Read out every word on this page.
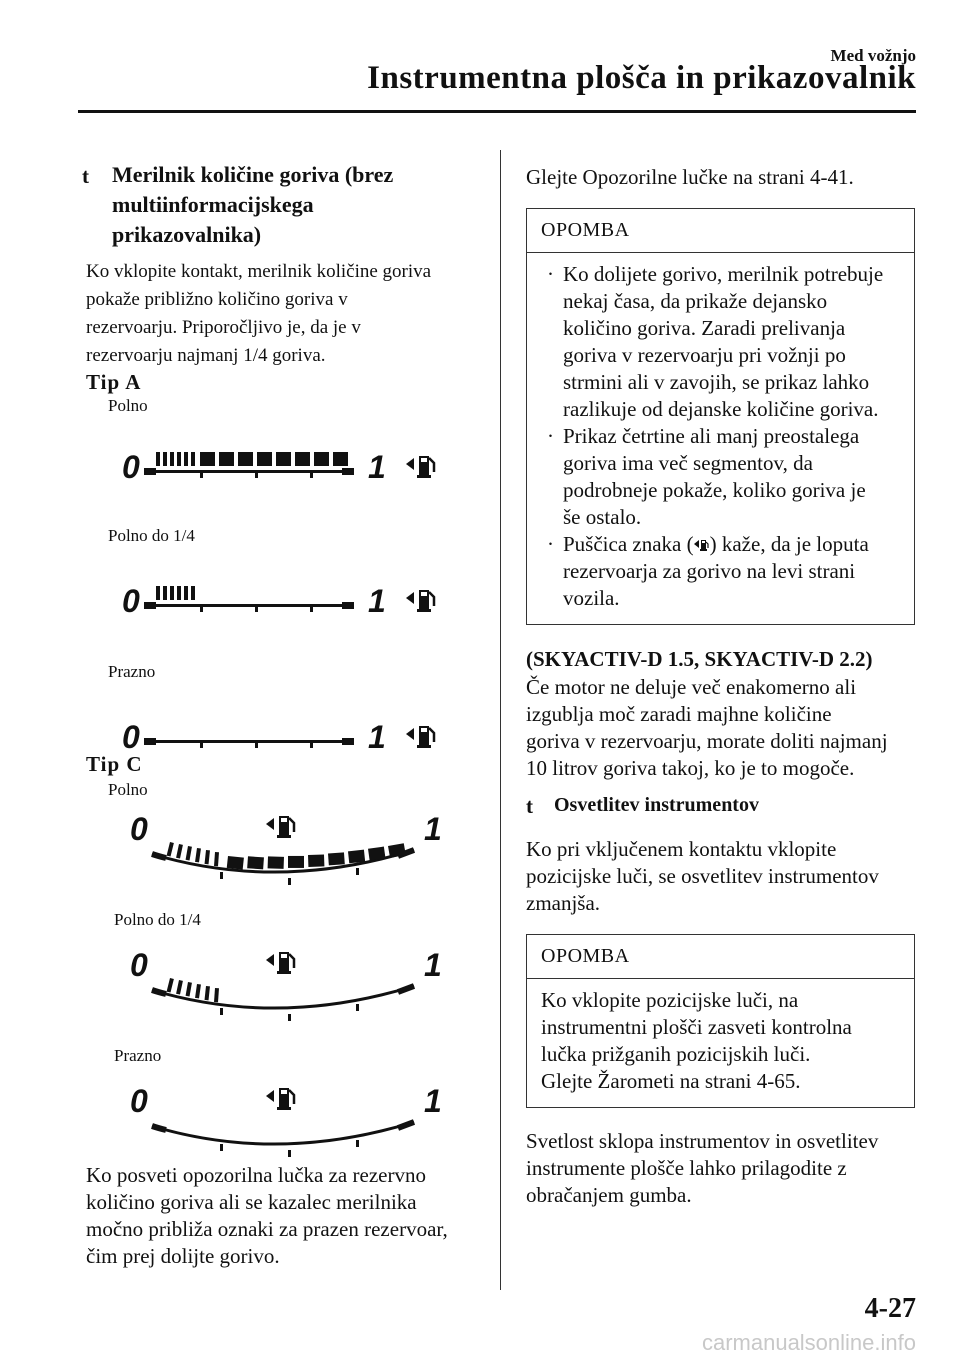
Med vožnjo
Instrumentna plošča in prikazovalnik
t Merilnik količine goriva (brez
multiinformacijskega
prikazovalnika)

Ko vklopite kontakt, merilnik količine goriva

pokaže približno količino goriva v

rezervoarju. Priporočljivo je, da je v

rezervoarju najmanj 1/4 goriva.

Tip A
Polno
0	1
Polno do 1/4
0	1
Prazno
0	1
Tip C
Polno
0	1
Polno do 1/4
0	1
Prazno
0	1

Ko posveti opozorilna lučka za rezervno

količino goriva ali se kazalec merilnika

močno približa oznaki za prazen rezervoar,

čim prej dolijte gorivo.

Glejte Opozorilne lučke na strani 4-41.
OPOMBA
· Ko dolijete gorivo, merilnik potrebuje
nekaj časa, da prikaže dejansko
količino goriva. Zaradi prelivanja
goriva v rezervoarju pri vožnji po
strmini ali v zavojih, se prikaz lahko
razlikuje od dejanske količine goriva.
· Prikaz četrtine ali manj preostalega
goriva ima več segmentov, da
podrobneje pokaže, koliko goriva je
še ostalo.
· Puščica znaka ( ) kaže, da je loputa
rezervoarja za gorivo na levi strani
vozila.
(SKYACTIV-D 1.5, SKYACTIV-D 2.2)

Če motor ne deluje več enakomerno ali

izgublja moč zaradi majhne količine

goriva v rezervoarju, morate doliti najmanj

10 litrov goriva takoj, ko je to mogoče.

t Osvetlitev instrumentov

Ko pri vključenem kontaktu vklopite

pozicijske luči, se osvetlitev instrumentov

zmanjša.

OPOMBA
Ko vklopite pozicijske luči, na
instrumentni plošči zasveti kontrolna
lučka prižganih pozicijskih luči.
Glejte Žarometi na strani 4-65.

Svetlost sklopa instrumentov in osvetlitev

instrumente plošče lahko prilagodite z

obračanjem gumba.

4-27
carmanualsonline.info
